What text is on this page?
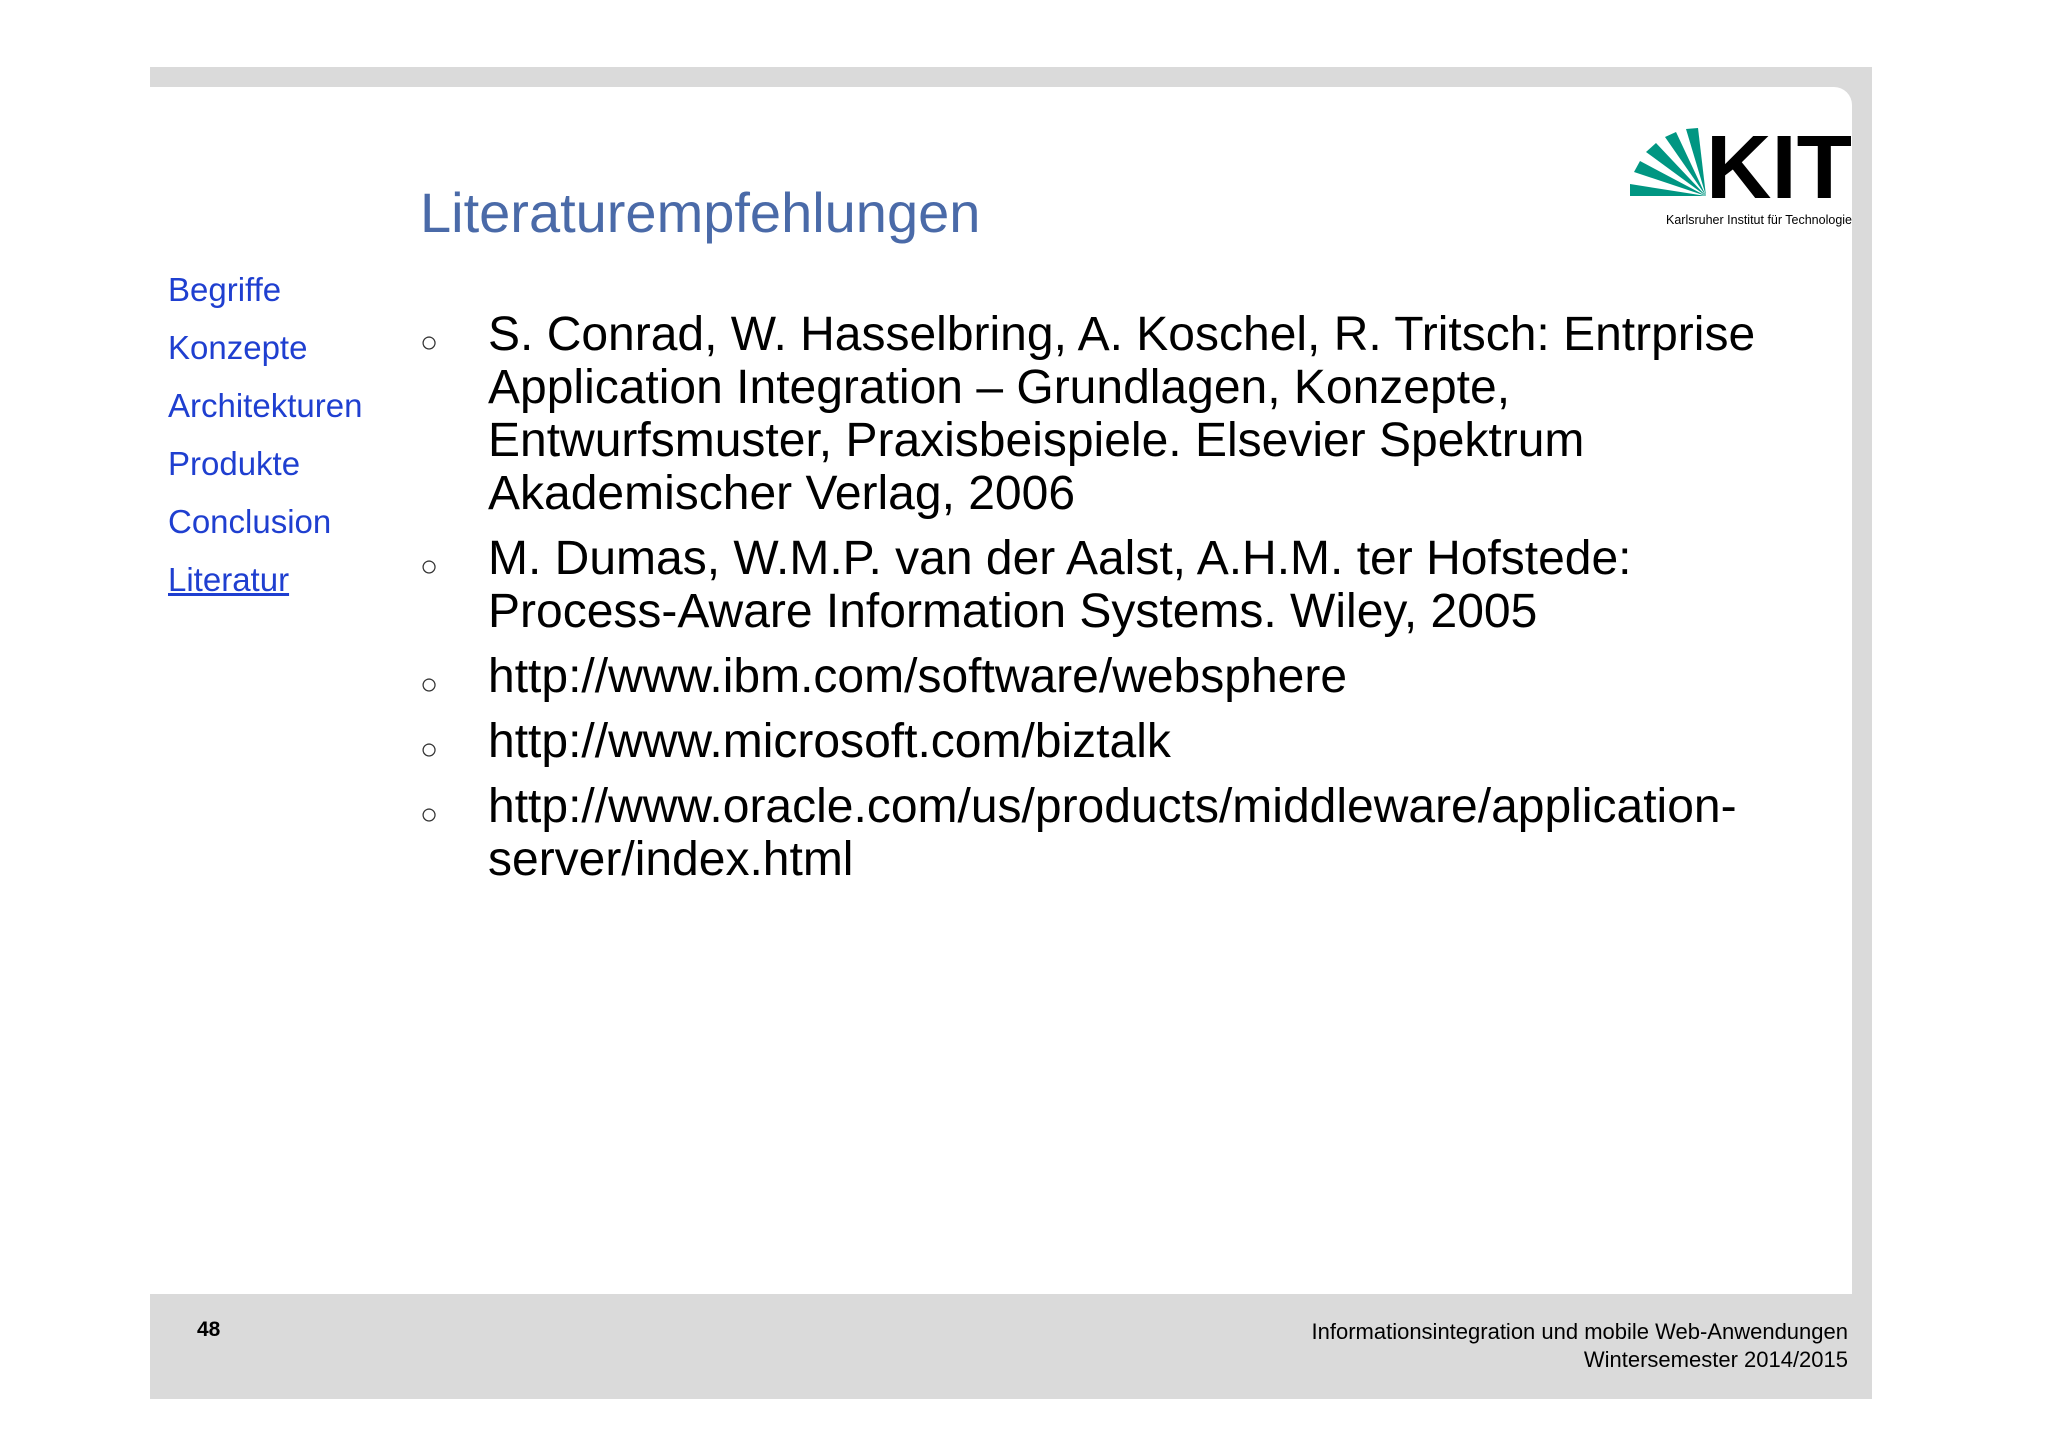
Literaturempfehlungen	KIT
Karlsruher Institut für Technologie
Begriffe
Konzepte
Architekturen
Produkte
Conclusion
Literatur
○ S. Conrad, W. Hasselbring, A. Koschel, R. Tritsch: Entrprise Application Integration – Grundlagen, Konzepte, Entwurfsmuster, Praxisbeispiele. Elsevier Spektrum Akademischer Verlag, 2006
○ M. Dumas, W.M.P. van der Aalst, A.H.M. ter Hofstede: Process-Aware Information Systems. Wiley, 2005
○ http://www.ibm.com/software/websphere
○ http://www.microsoft.com/biztalk
○ http://www.oracle.com/us/products/middleware/application-server/index.html
48	Informationsintegration und mobile Web-Anwendungen
Wintersemester 2014/2015
